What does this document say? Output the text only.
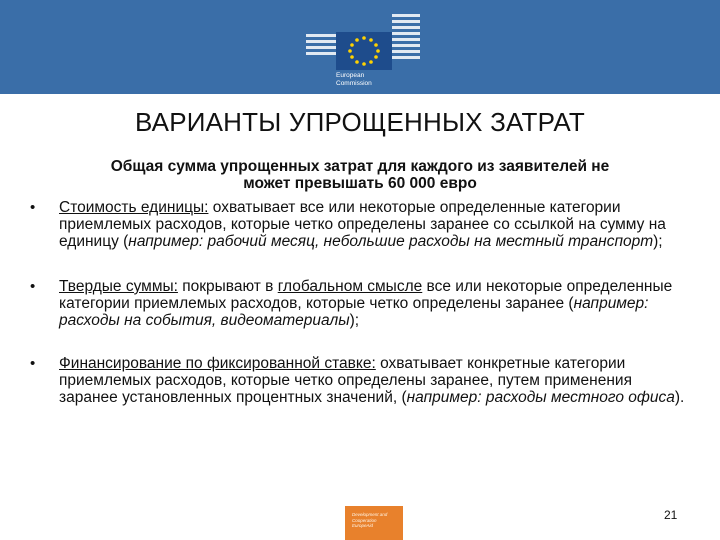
European
Commission
ВАРИАНТЫ УПРОЩЕННЫХ ЗАТРАТ
Общая сумма упрощенных затрат для каждого из заявителей не
может превышать 60 000 евро
• Стоимость единицы: охватывает все или некоторые определенные категории приемлемых расходов, которые четко определены заранее со ссылкой на сумму на единицу (например: рабочий месяц, небольшие расходы на местный транспорт);
• Твердые суммы: покрывают в глобальном смысле все или некоторые определенные категории приемлемых расходов, которые четко определены заранее (например: расходы на события, видеоматериалы);
• Финансирование по фиксированной ставке: охватывает конкретные категории приемлемых расходов, которые четко определены заранее, путем применения заранее установленных процентных значений, (например: расходы местного офиса).
Development and
Cooperation
EuropeAid
21
